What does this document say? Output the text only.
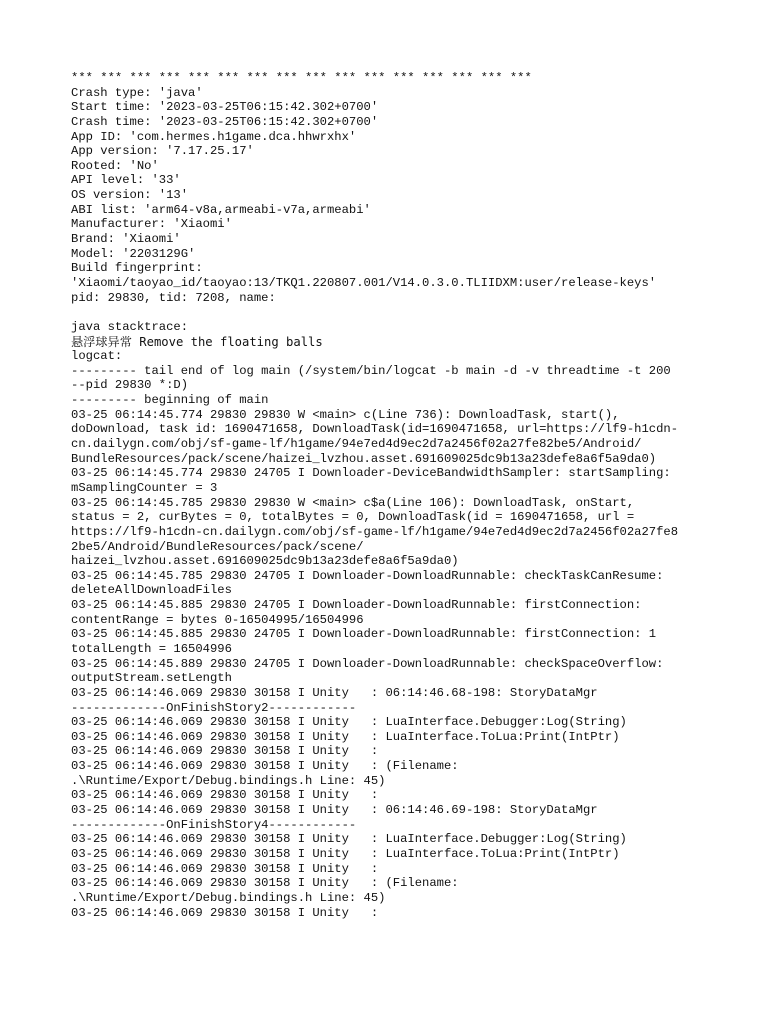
*** *** *** *** *** *** *** *** *** *** *** *** *** *** *** ***
Crash type: 'java'
Start time: '2023-03-25T06:15:42.302+0700'
Crash time: '2023-03-25T06:15:42.302+0700'
App ID: 'com.hermes.h1game.dca.hhwrxhx'
App version: '7.17.25.17'
Rooted: 'No'
API level: '33'
OS version: '13'
ABI list: 'arm64-v8a,armeabi-v7a,armeabi'
Manufacturer: 'Xiaomi'
Brand: 'Xiaomi'
Model: '2203129G'
Build fingerprint:
'Xiaomi/taoyao_id/taoyao:13/TKQ1.220807.001/V14.0.3.0.TLIIDXM:user/release-keys'
pid: 29830, tid: 7208, name:
java stacktrace:
悬浮球异常 Remove the floating balls
logcat:
--------- tail end of log main (/system/bin/logcat -b main -d -v threadtime -t 200
--pid 29830 *:D)
--------- beginning of main
03-25 06:14:45.774 29830 29830 W <main> c(Line 736): DownloadTask, start(),
doDownload, task id: 1690471658, DownloadTask(id=1690471658, url=https://lf9-h1cdn-
cn.dailygn.com/obj/sf-game-lf/h1game/94e7ed4d9ec2d7a2456f02a27fe82be5/Android/
BundleResources/pack/scene/haizei_lvzhou.asset.691609025dc9b13a23defe8a6f5a9da0)
03-25 06:14:45.774 29830 24705 I Downloader-DeviceBandwidthSampler: startSampling:
mSamplingCounter = 3
03-25 06:14:45.785 29830 29830 W <main> c$a(Line 106): DownloadTask, onStart,
status = 2, curBytes = 0, totalBytes = 0, DownloadTask(id = 1690471658, url =
https://lf9-h1cdn-cn.dailygn.com/obj/sf-game-lf/h1game/94e7ed4d9ec2d7a2456f02a27fe8
2be5/Android/BundleResources/pack/scene/
haizei_lvzhou.asset.691609025dc9b13a23defe8a6f5a9da0)
03-25 06:14:45.785 29830 24705 I Downloader-DownloadRunnable: checkTaskCanResume:
deleteAllDownloadFiles
03-25 06:14:45.885 29830 24705 I Downloader-DownloadRunnable: firstConnection:
contentRange = bytes 0-16504995/16504996
03-25 06:14:45.885 29830 24705 I Downloader-DownloadRunnable: firstConnection: 1
totalLength = 16504996
03-25 06:14:45.889 29830 24705 I Downloader-DownloadRunnable: checkSpaceOverflow:
outputStream.setLength
03-25 06:14:46.069 29830 30158 I Unity   : 06:14:46.68-198: StoryDataMgr
-------------OnFinishStory2------------
03-25 06:14:46.069 29830 30158 I Unity   : LuaInterface.Debugger:Log(String)
03-25 06:14:46.069 29830 30158 I Unity   : LuaInterface.ToLua:Print(IntPtr)
03-25 06:14:46.069 29830 30158 I Unity   :
03-25 06:14:46.069 29830 30158 I Unity   : (Filename:
.\Runtime/Export/Debug.bindings.h Line: 45)
03-25 06:14:46.069 29830 30158 I Unity   :
03-25 06:14:46.069 29830 30158 I Unity   : 06:14:46.69-198: StoryDataMgr
-------------OnFinishStory4------------
03-25 06:14:46.069 29830 30158 I Unity   : LuaInterface.Debugger:Log(String)
03-25 06:14:46.069 29830 30158 I Unity   : LuaInterface.ToLua:Print(IntPtr)
03-25 06:14:46.069 29830 30158 I Unity   :
03-25 06:14:46.069 29830 30158 I Unity   : (Filename:
.\Runtime/Export/Debug.bindings.h Line: 45)
03-25 06:14:46.069 29830 30158 I Unity   :
